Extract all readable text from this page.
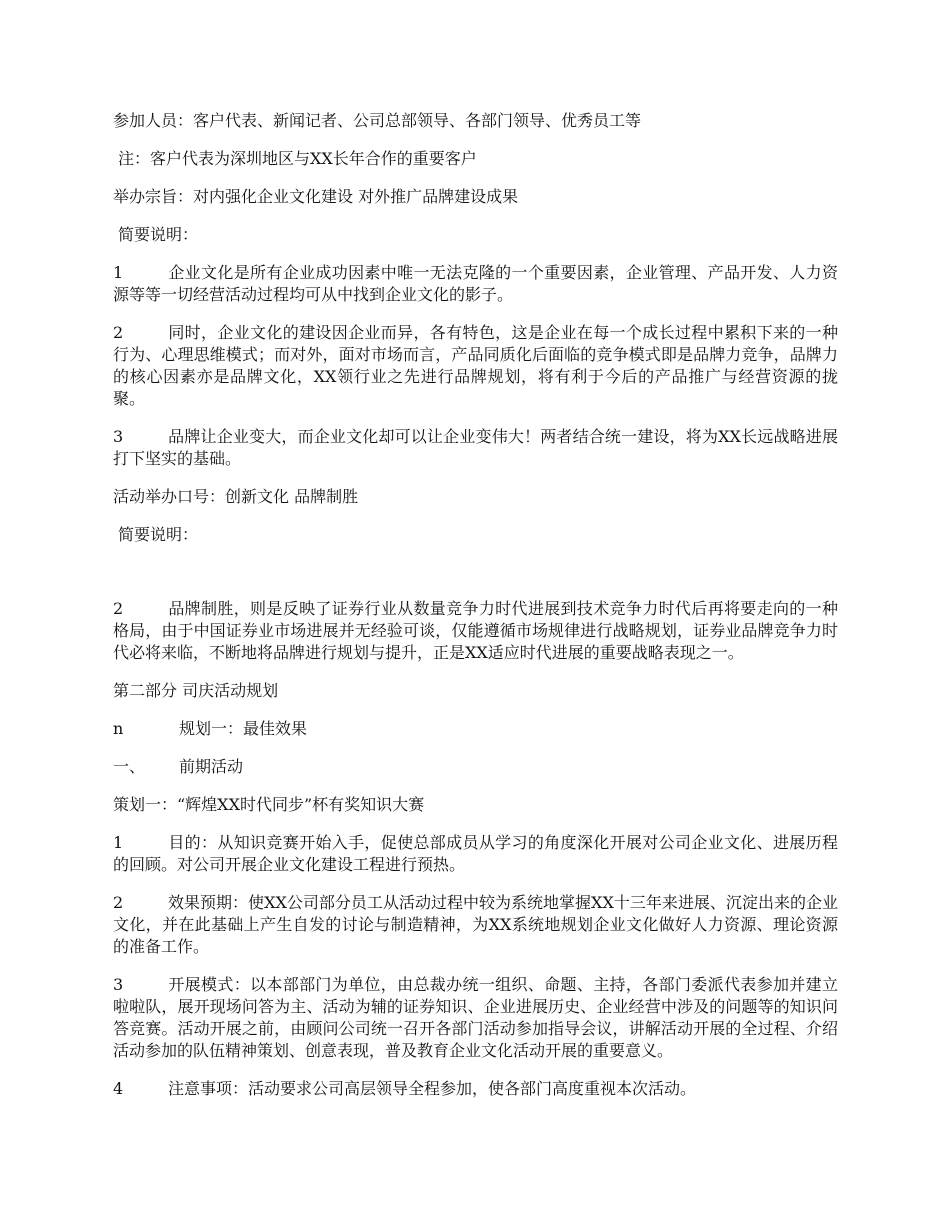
参加人员：客户代表、新闻记者、公司总部领导、各部门领导、优秀员工等

注：客户代表为深圳地区与XX长年合作的重要客户

举办宗旨：对内强化企业文化建设 对外推广品牌建设成果

简要说明：

1	企业文化是所有企业成功因素中唯一无法克隆的一个重要因素，企业管理、产品开发、人力资源等等一切经营活动过程均可从中找到企业文化的影子。

2	同时，企业文化的建设因企业而异，各有特色，这是企业在每一个成长过程中累积下来的一种行为、心理思维模式；而对外，面对市场而言，产品同质化后面临的竞争模式即是品牌力竞争，品牌力的核心因素亦是品牌文化，XX领行业之先进行品牌规划，将有利于今后的产品推广与经营资源的拢聚。

3	品牌让企业变大，而企业文化却可以让企业变伟大！两者结合统一建设，将为XX长远战略进展打下坚实的基础。

活动举办口号：创新文化 品牌制胜

简要说明：

2	品牌制胜，则是反映了证券行业从数量竞争力时代进展到技术竞争力时代后再将要走向的一种格局，由于中国证券业市场进展并无经验可谈，仅能遵循市场规律进行战略规划，证券业品牌竞争力时代必将来临，不断地将品牌进行规划与提升，正是XX适应时代进展的重要战略表现之一。

第二部分 司庆活动规划

n	规划一：最佳效果

一、 前期活动

策划一：“辉煌XX时代同步”杯有奖知识大赛

1	目的：从知识竞赛开始入手，促使总部成员从学习的角度深化开展对公司企业文化、进展历程的回顾。对公司开展企业文化建设工程进行预热。

2	效果预期：使XX公司部分员工从活动过程中较为系统地掌握XX十三年来进展、沉淀出来的企业文化，并在此基础上产生自发的讨论与制造精神，为XX系统地规划企业文化做好人力资源、理论资源的准备工作。

3	开展模式：以本部部门为单位，由总裁办统一组织、命题、主持，各部门委派代表参加并建立啦啦队，展开现场问答为主、活动为辅的证券知识、企业进展历史、企业经营中涉及的问题等的知识问答竞赛。活动开展之前，由顾问公司统一召开各部门活动参加指导会议，讲解活动开展的全过程、介绍活动参加的队伍精神策划、创意表现，普及教育企业文化活动开展的重要意义。

4	注意事项：活动要求公司高层领导全程参加，使各部门高度重视本次活动。
